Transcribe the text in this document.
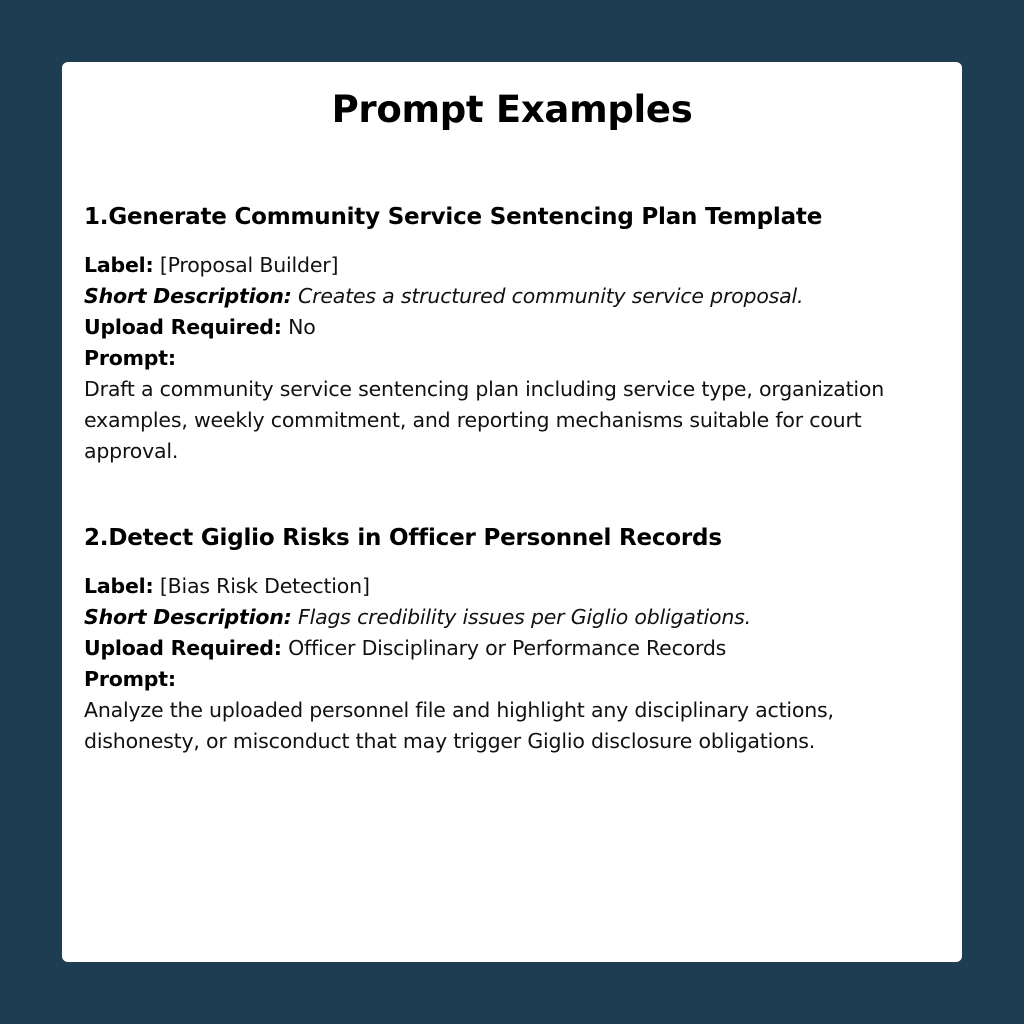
Prompt Examples
1.Generate Community Service Sentencing Plan Template

Label: [Proposal Builder]

Short Description: Creates a structured community service proposal.

Upload Required: No

Prompt:

Draft a community service sentencing plan including service type, organization examples, weekly commitment, and reporting mechanisms suitable for court approval.

2.Detect Giglio Risks in Officer Personnel Records

Label: [Bias Risk Detection]

Short Description: Flags credibility issues per Giglio obligations.

Upload Required: Officer Disciplinary or Performance Records

Prompt:

Analyze the uploaded personnel file and highlight any disciplinary actions, dishonesty, or misconduct that may trigger Giglio disclosure obligations.
